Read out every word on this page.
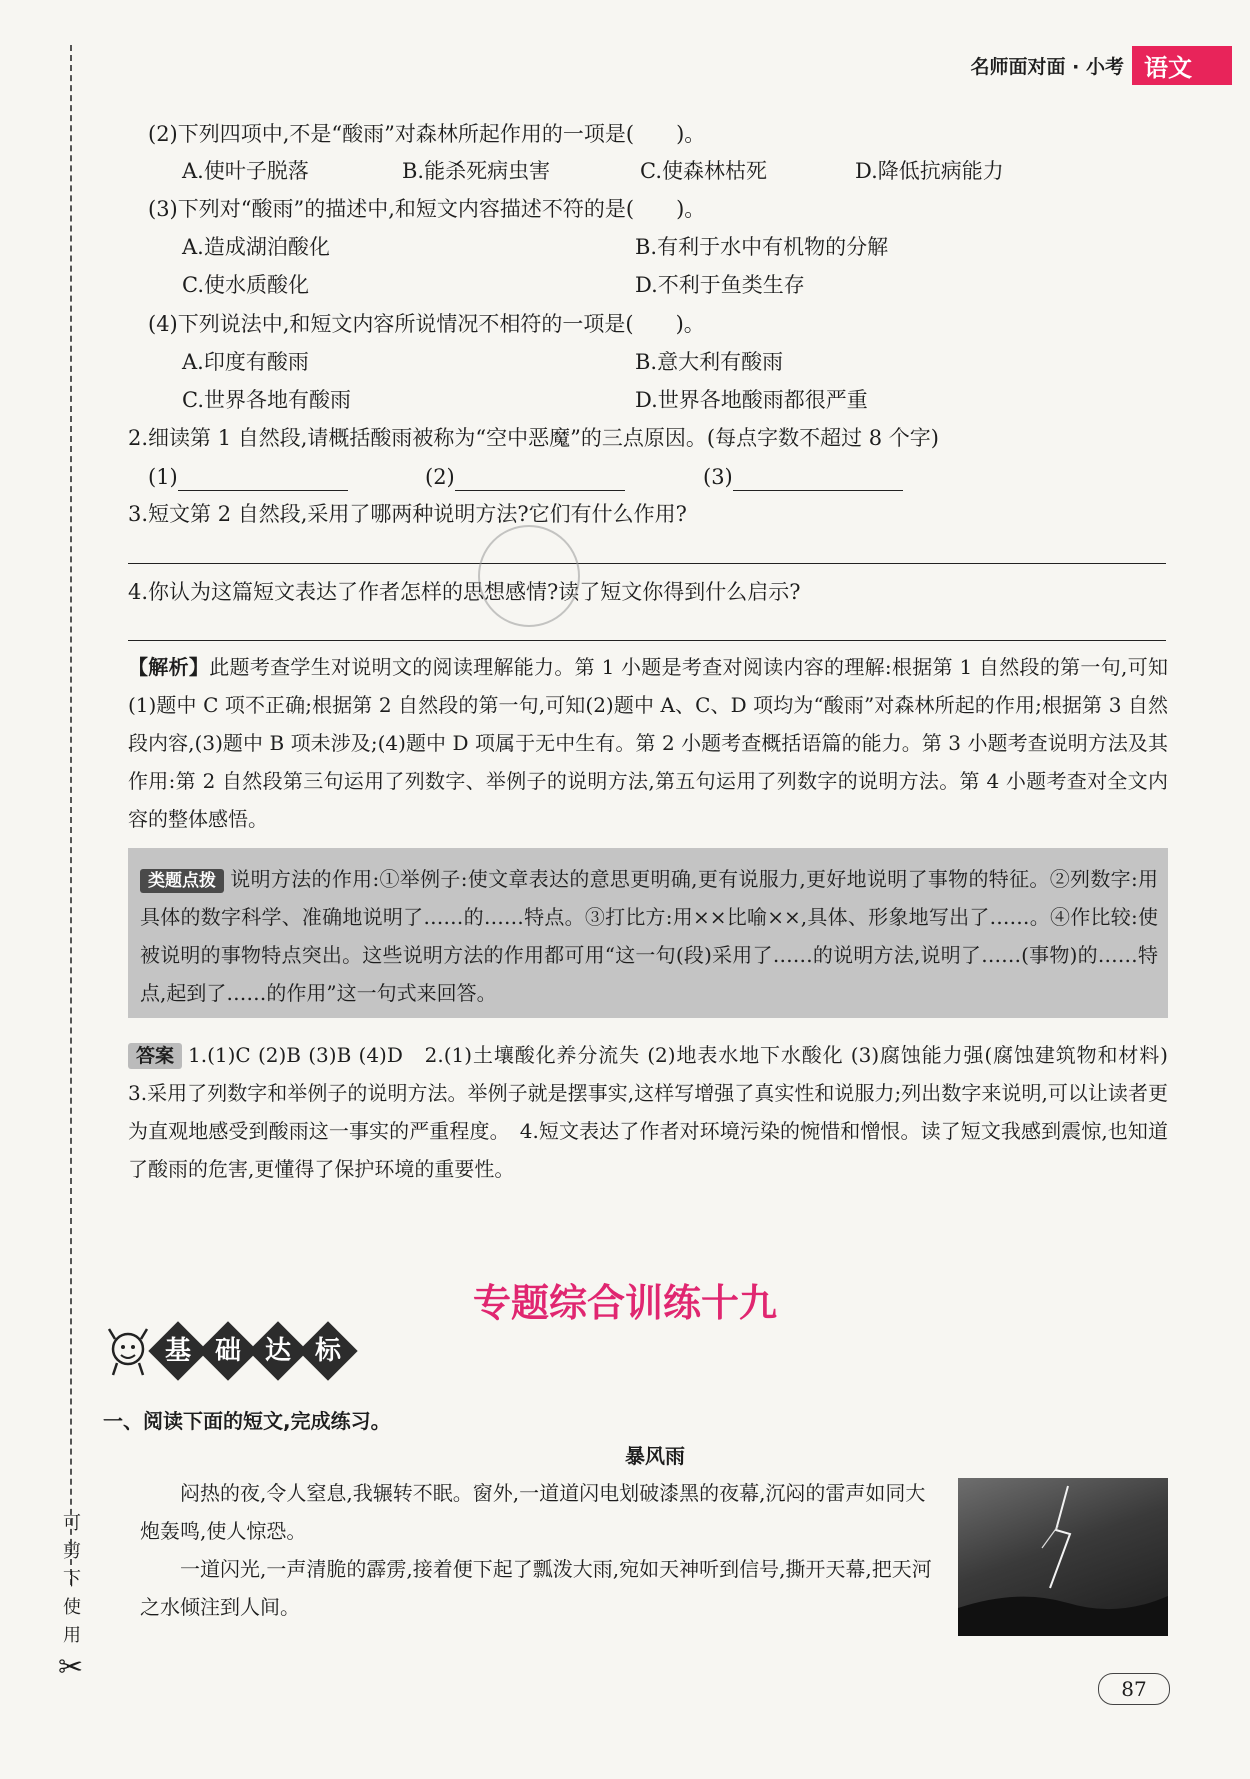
可剪下使用
✂
名师面对面 · 小考 语文
(2)下列四项中,不是“酸雨”对森林所起作用的一项是(　　)。
A.使叶子脱落	B.能杀死病虫害	C.使森林枯死	D.降低抗病能力
(3)下列对“酸雨”的描述中,和短文内容描述不符的是(　　)。
A.造成湖泊酸化	B.有利于水中有机物的分解
C.使水质酸化	D.不利于鱼类生存
(4)下列说法中,和短文内容所说情况不相符的一项是(　　)。
A.印度有酸雨	B.意大利有酸雨
C.世界各地有酸雨	D.世界各地酸雨都很严重
2.细读第 1 自然段,请概括酸雨被称为“空中恶魔”的三点原因。(每点字数不超过 8 个字)
(1)	(2)	(3)
3.短文第 2 自然段,采用了哪两种说明方法?它们有什么作用?
4.你认为这篇短文表达了作者怎样的思想感情?读了短文你得到什么启示?
【解析】此题考查学生对说明文的阅读理解能力。第 1 小题是考查对阅读内容的理解:根据第 1 自然段的第一句,可知(1)题中 C 项不正确;根据第 2 自然段的第一句,可知(2)题中 A、C、D 项均为“酸雨”对森林所起的作用;根据第 3 自然段内容,(3)题中 B 项未涉及;(4)题中 D 项属于无中生有。第 2 小题考查概括语篇的能力。第 3 小题考查说明方法及其作用:第 2 自然段第三句运用了列数字、举例子的说明方法,第五句运用了列数字的说明方法。第 4 小题考查对全文内容的整体感悟。
类题点拨 说明方法的作用:①举例子:使文章表达的意思更明确,更有说服力,更好地说明了事物的特征。②列数字:用具体的数字科学、准确地说明了……的……特点。③打比方:用××比喻××,具体、形象地写出了……。④作比较:使被说明的事物特点突出。这些说明方法的作用都可用“这一句(段)采用了……的说明方法,说明了……(事物)的……特点,起到了……的作用”这一句式来回答。
答案 1.(1)C (2)B (3)B (4)D　2.(1)土壤酸化养分流失 (2)地表水地下水酸化 (3)腐蚀能力强(腐蚀建筑物和材料)　3.采用了列数字和举例子的说明方法。举例子就是摆事实,这样写增强了真实性和说服力;列出数字来说明,可以让读者更为直观地感受到酸雨这一事实的严重程度。　4.短文表达了作者对环境污染的惋惜和憎恨。读了短文我感到震惊,也知道了酸雨的危害,更懂得了保护环境的重要性。
专题综合训练十九
基 础 达 标
一、阅读下面的短文,完成练习。
暴风雨
闷热的夜,令人窒息,我辗转不眠。窗外,一道道闪电划破漆黑的夜幕,沉闷的雷声如同大炮轰鸣,使人惊恐。
一道闪光,一声清脆的霹雳,接着便下起了瓢泼大雨,宛如天神听到信号,撕开天幕,把天河之水倾注到人间。
87
